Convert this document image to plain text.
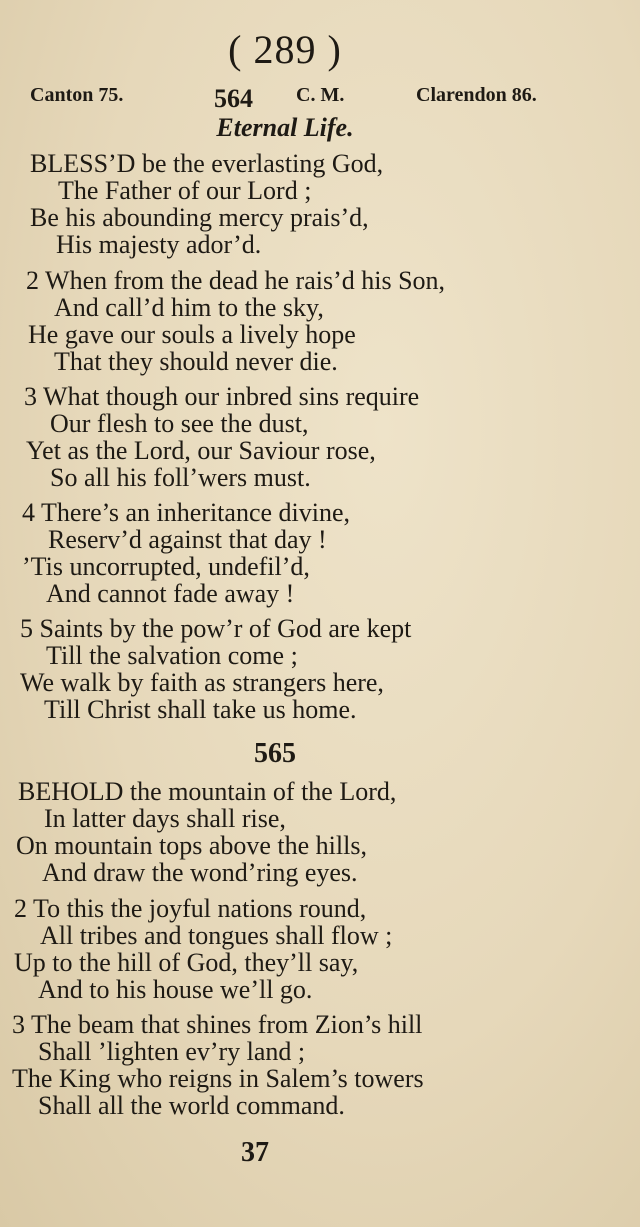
( 289 )
Canton 75.	564 C. M.	Clarendon 86.
Eternal Life.
BLESS’D be the everlasting God,
The Father of our Lord ;
Be his abounding mercy prais’d,
His majesty ador’d.
2 When from the dead he rais’d his Son,
And call’d him to the sky,
He gave our souls a lively hope
That they should never die.
3 What though our inbred sins require
Our flesh to see the dust,
Yet as the Lord, our Saviour rose,
So all his foll’wers must.
4 There’s an inheritance divine,
Reserv’d against that day !
’Tis uncorrupted, undefil’d,
And cannot fade away !
5 Saints by the pow’r of God are kept
Till the salvation come ;
We walk by faith as strangers here,
Till Christ shall take us home.
565
BEHOLD the mountain of the Lord,
In latter days shall rise,
On mountain tops above the hills,
And draw the wond’ring eyes.
2 To this the joyful nations round,
All tribes and tongues shall flow ;
Up to the hill of God, they’ll say,
And to his house we’ll go.
3 The beam that shines from Zion’s hill
Shall ’lighten ev’ry land ;
The King who reigns in Salem’s towers
Shall all the world command.
37
